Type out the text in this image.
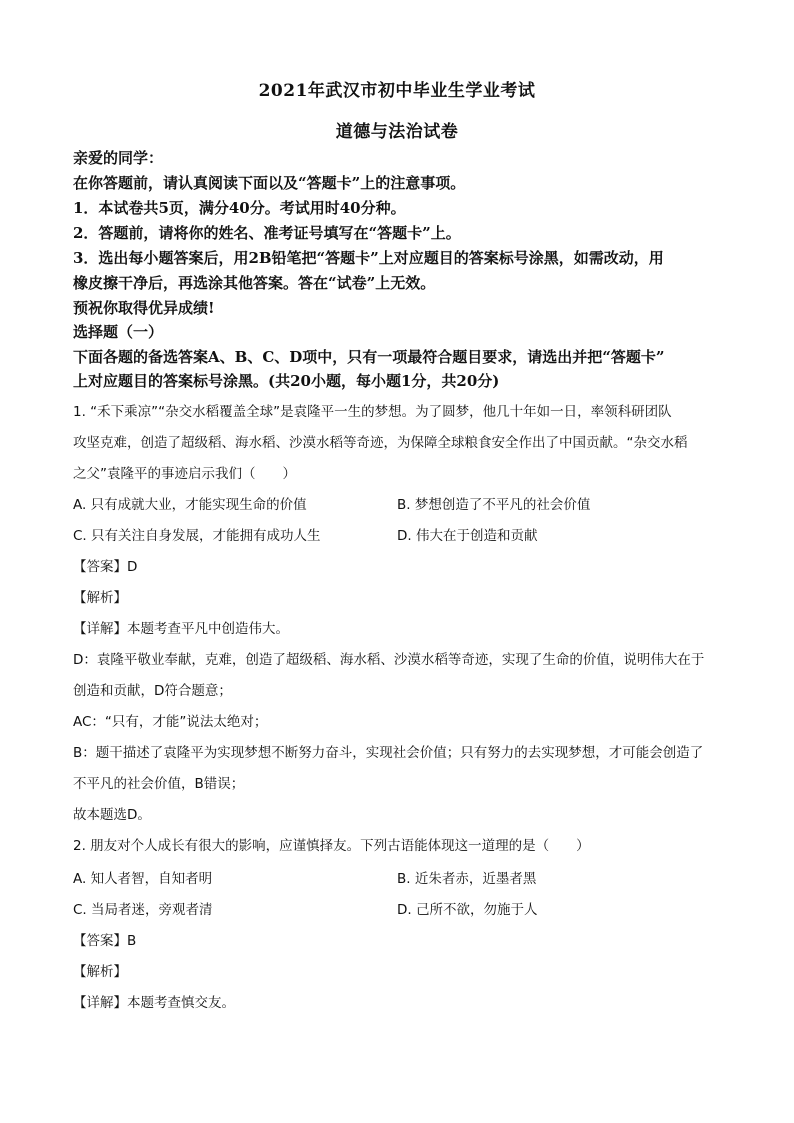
2021年武汉市初中毕业生学业考试
道德与法治试卷
亲爱的同学：
在你答题前，请认真阅读下面以及“答题卡”上的注意事项。
1．本试卷共5页，满分40分。考试用时40分种。
2．答题前，请将你的姓名、准考证号填写在“答题卡”上。
3．选出每小题答案后，用2B铅笔把“答题卡”上对应题目的答案标号涂黑，如需改动，用
橡皮擦干净后，再选涂其他答案。答在“试卷”上无效。
预祝你取得优异成绩!
选择题（一）
下面各题的备选答案A、B、C、D项中，只有一项最符合题目要求，请选出并把“答题卡”
上对应题目的答案标号涂黑。(共20小题，每小题1分，共20分)
1. “禾下乘凉”“杂交水稻覆盖全球”是袁隆平一生的梦想。为了圆梦，他几十年如一日，率领科研团队
攻坚克难，创造了超级稻、海水稻、沙漠水稻等奇迹，为保障全球粮食安全作出了中国贡献。“杂交水稻
之父”袁隆平的事迹启示我们（　　）
A. 只有成就大业，才能实现生命的价值	B. 梦想创造了不平凡的社会价值
C. 只有关注自身发展，才能拥有成功人生	D. 伟大在于创造和贡献
【答案】D
【解析】
【详解】本题考查平凡中创造伟大。
D：袁隆平敬业奉献，克难，创造了超级稻、海水稻、沙漠水稻等奇迹，实现了生命的价值，说明伟大在于
创造和贡献，D符合题意；
AC：“只有，才能”说法太绝对；
B：题干描述了袁隆平为实现梦想不断努力奋斗，实现社会价值；只有努力的去实现梦想，才可能会创造了
不平凡的社会价值，B错误；
故本题选D。
2. 朋友对个人成长有很大的影响，应谨慎择友。下列古语能体现这一道理的是（　　）
A. 知人者智，自知者明	B. 近朱者赤，近墨者黑
C. 当局者迷，旁观者清	D. 己所不欲，勿施于人
【答案】B
【解析】
【详解】本题考查慎交友。
